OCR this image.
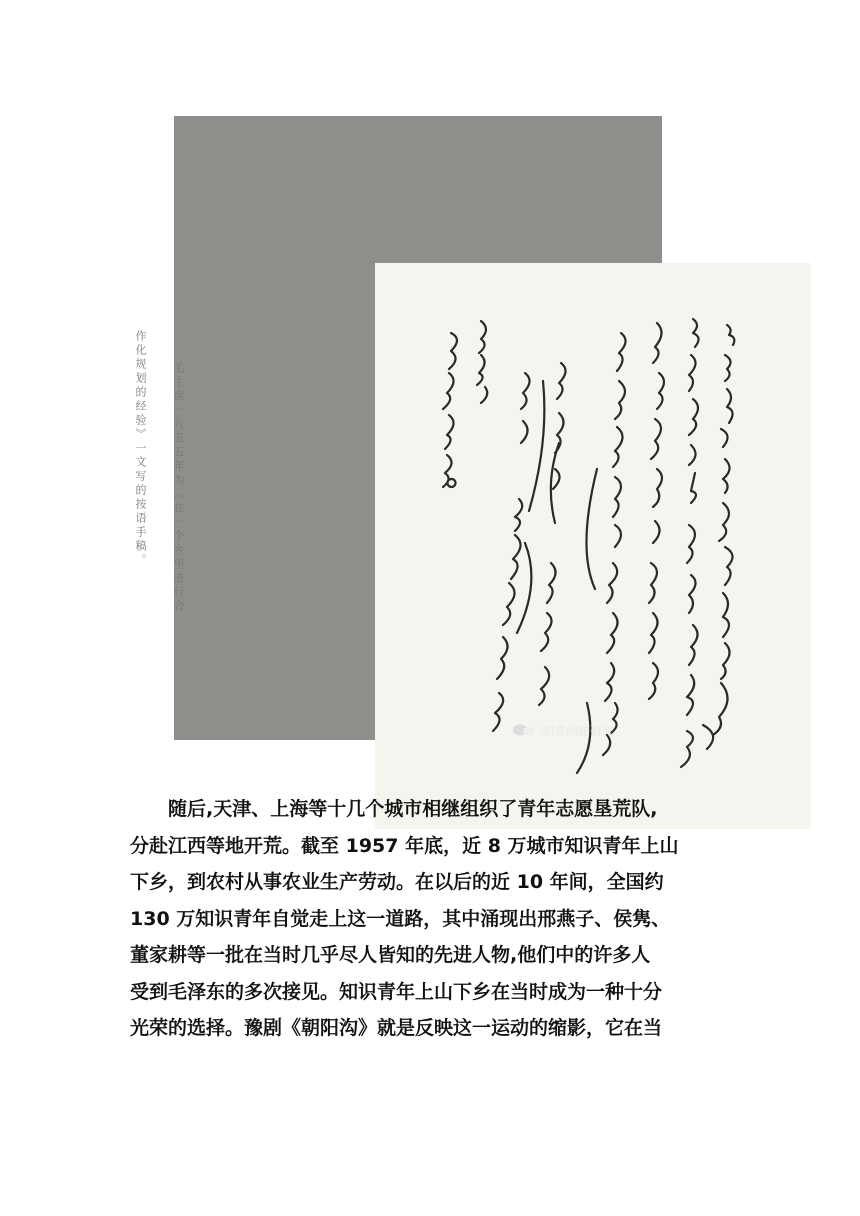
作化规划的经验》一文写的按语手稿。 毛主席一九五五年为《在一个乡里进行合
知青问题研究

随后,天津、上海等十几个城市相继组织了青年志愿垦荒队,

分赴江西等地开荒。截至 1957 年底，近 8 万城市知识青年上山

下乡，到农村从事农业生产劳动。在以后的近 10 年间，全国约

130 万知识青年自觉走上这一道路，其中涌现出邢燕子、侯隽、

董家耕等一批在当时几乎尽人皆知的先进人物,他们中的许多人

受到毛泽东的多次接见。知识青年上山下乡在当时成为一种十分

光荣的选择。豫剧《朝阳沟》就是反映这一运动的缩影，它在当
